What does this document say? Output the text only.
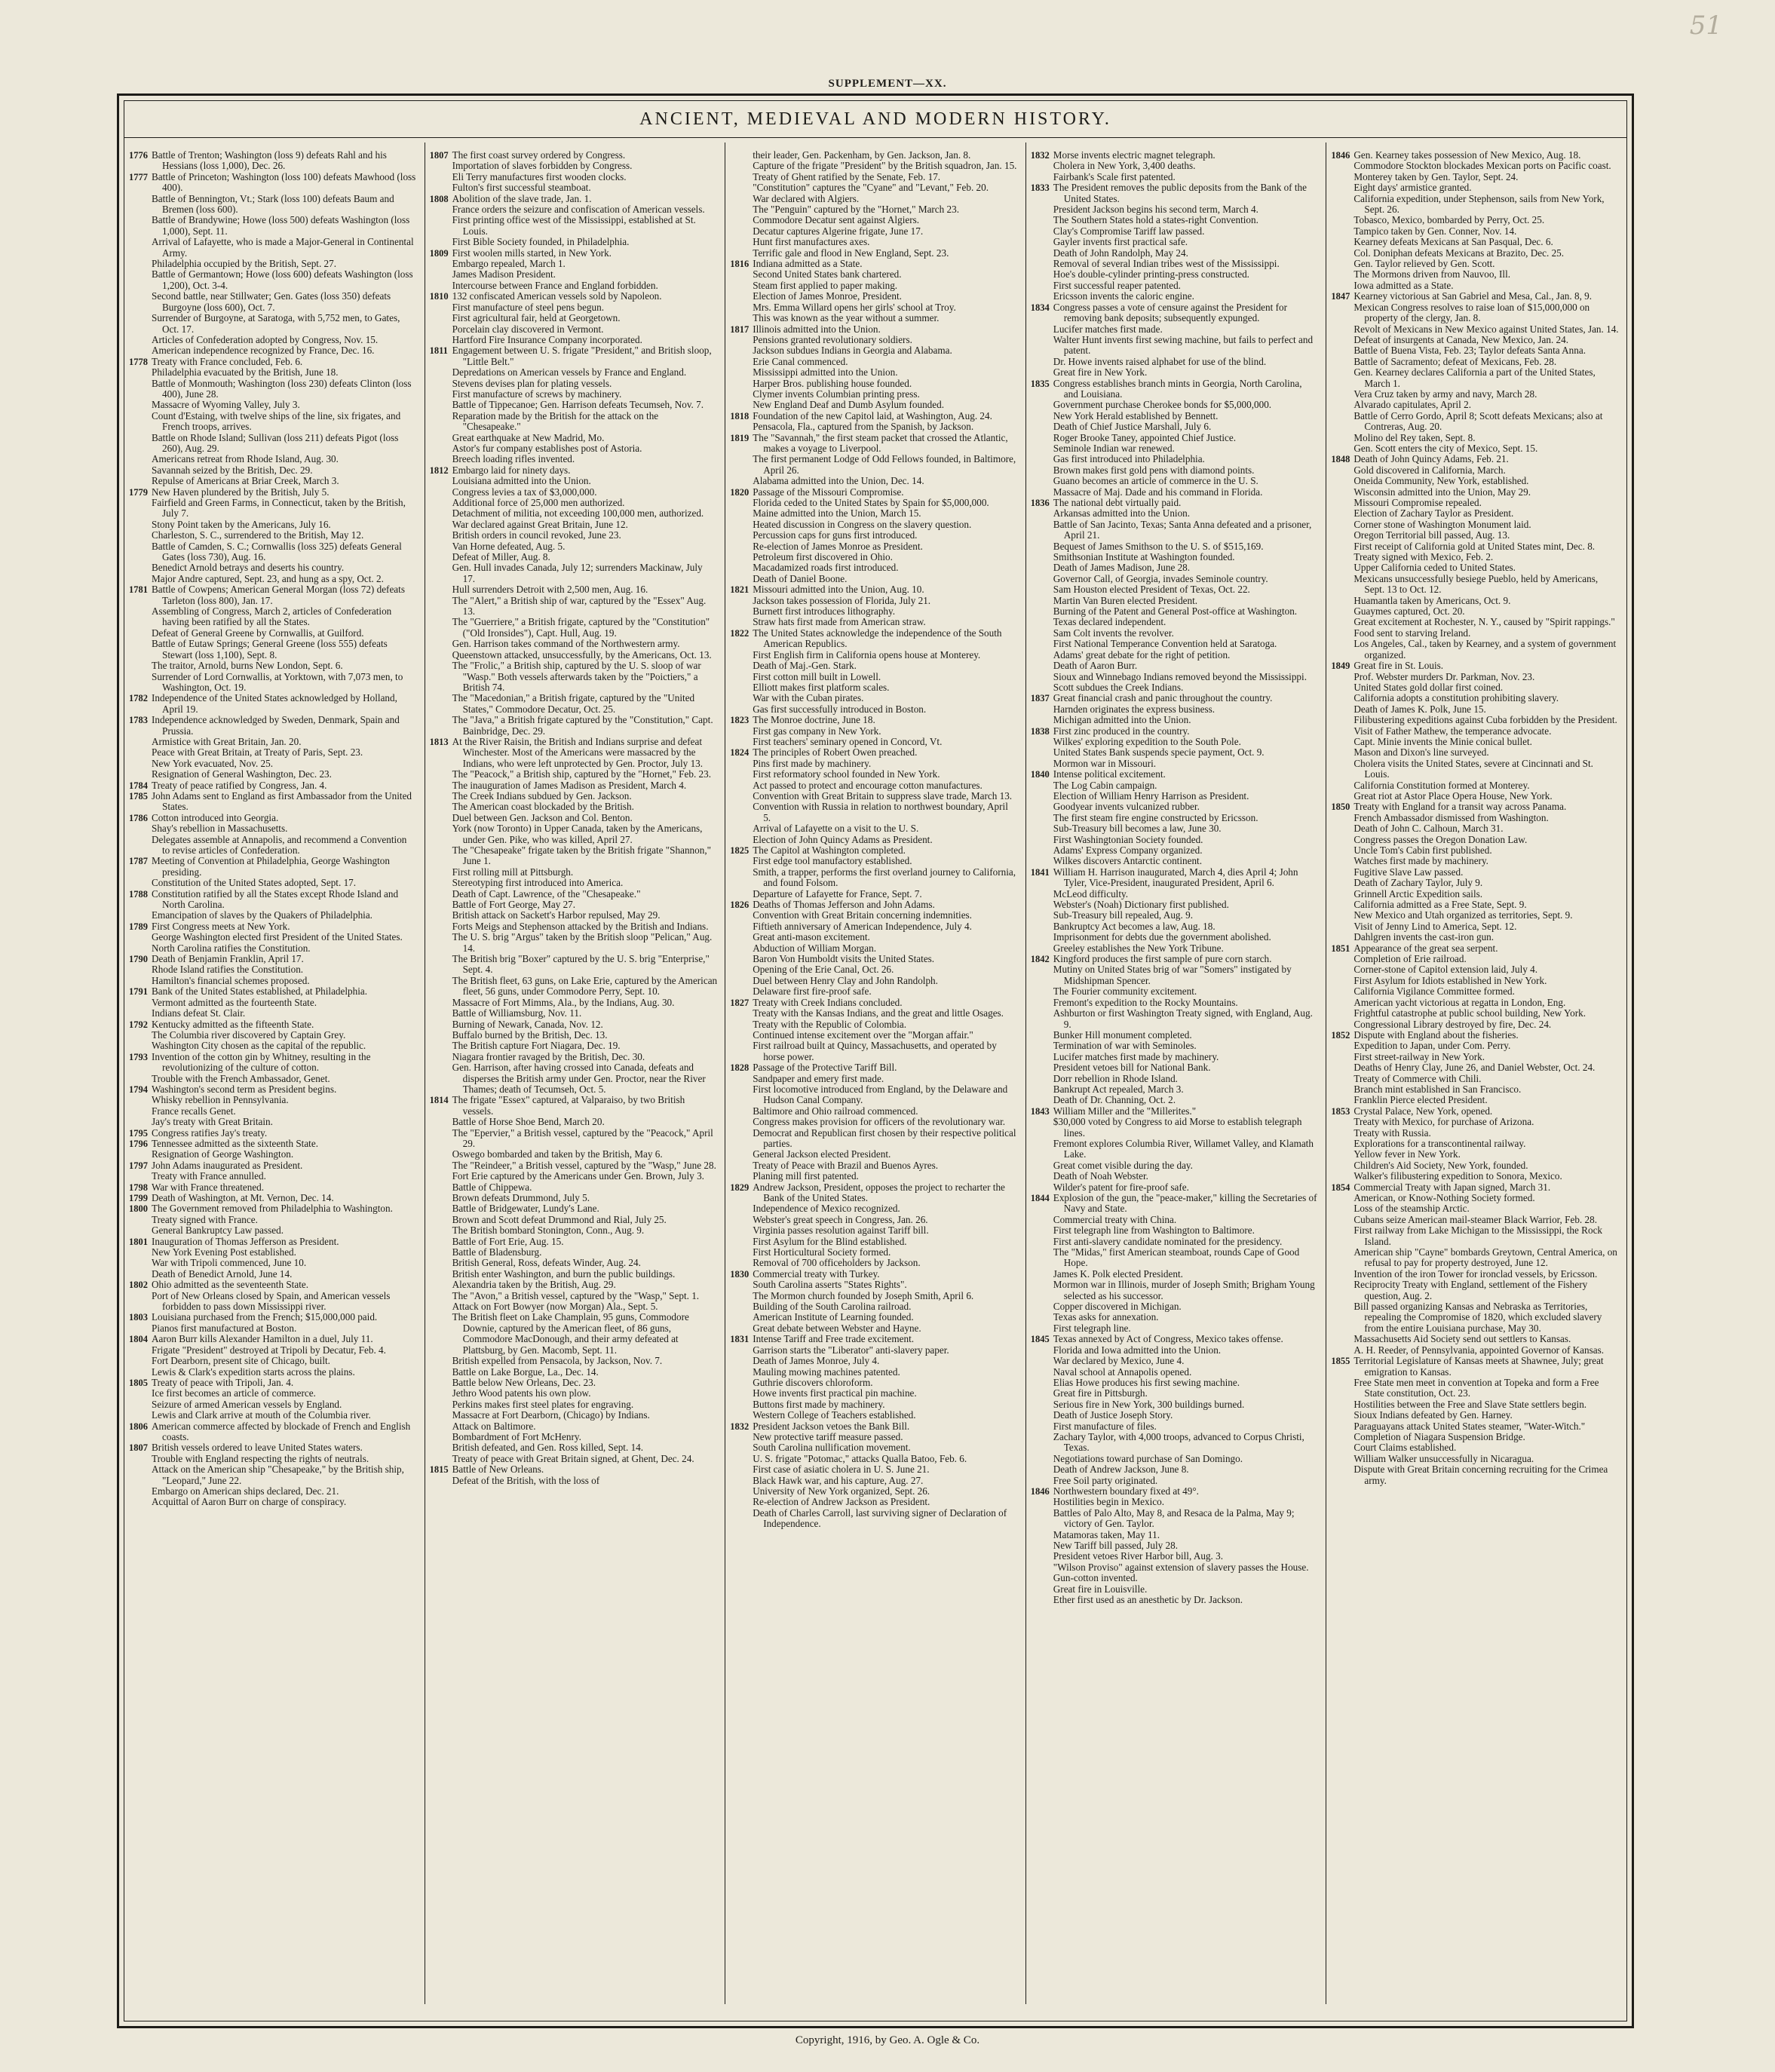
51
SUPPLEMENT—XX.
ANCIENT, MEDIEVAL AND MODERN HISTORY.
1776 Battle of Trenton; Washington (loss 9) defeats Rahl and his Hessians (loss 1,000), Dec. 26.
1777 Battle of Princeton; Washington (loss 100) defeats Mawhood (loss 400).
Battle of Bennington, Vt.; Stark (loss 100) defeats Baum and Bremen (loss 600).
Battle of Brandywine; Howe (loss 500) defeats Washington (loss 1,000), Sept. 11.
Arrival of Lafayette, who is made a Major-General in Continental Army.
Philadelphia occupied by the British, Sept. 27.
Battle of Germantown; Howe (loss 600) defeats Washington (loss 1,200), Oct. 3-4.
Second battle, near Stillwater; Gen. Gates (loss 350) defeats Burgoyne (loss 600), Oct. 7.
Surrender of Burgoyne, at Saratoga, with 5,752 men, to Gates, Oct. 17.
Articles of Confederation adopted by Congress, Nov. 15.
American independence recognized by France, Dec. 16.
1778 Treaty with France concluded, Feb. 6.
Philadelphia evacuated by the British, June 18.
Battle of Monmouth; Washington (loss 230) defeats Clinton (loss 400), June 28.
Massacre of Wyoming Valley, July 3.
Count d'Estaing, with twelve ships of the line, six frigates, and French troops, arrives.
Battle on Rhode Island; Sullivan (loss 211) defeats Pigot (loss 260), Aug. 29.
Americans retreat from Rhode Island, Aug. 30.
Savannah seized by the British, Dec. 29.
Repulse of Americans at Briar Creek, March 3.
1779 New Haven plundered by the British, July 5.
Fairfield and Green Farms, in Connecticut, taken by the British, July 7.
Stony Point taken by the Americans, July 16.
Charleston, S. C., surrendered to the British, May 12.
Battle of Camden, S. C.; Cornwallis (loss 325) defeats General Gates (loss 730), Aug. 16.
Benedict Arnold betrays and deserts his country.
Major Andre captured, Sept. 23, and hung as a spy, Oct. 2.
1781 Battle of Cowpens; American General Morgan (loss 72) defeats Tarleton (loss 800), Jan. 17.
Assembling of Congress, March 2, articles of Confederation having been ratified by all the States.
Defeat of General Greene by Cornwallis, at Guilford.
Battle of Eutaw Springs; General Greene (loss 555) defeats Stewart (loss 1,100), Sept. 8.
The traitor, Arnold, burns New London, Sept. 6.
Surrender of Lord Cornwallis, at Yorktown, with 7,073 men, to Washington, Oct. 19.
1782 Independence of the United States acknowledged by Holland, April 19.
1783 Independence acknowledged by Sweden, Denmark, Spain and Prussia.
Armistice with Great Britain, Jan. 20.
Peace with Great Britain, at Treaty of Paris, Sept. 23.
New York evacuated, Nov. 25.
Resignation of General Washington, Dec. 23.
1784 Treaty of peace ratified by Congress, Jan. 4.
1785 John Adams sent to England as first Ambassador from the United States.
1786 Cotton introduced into Georgia.
Shay's rebellion in Massachusetts.
Delegates assemble at Annapolis, and recommend a Convention to revise articles of Confederation.
1787 Meeting of Convention at Philadelphia, George Washington presiding.
Constitution of the United States adopted, Sept. 17.
1788 Constitution ratified by all the States except Rhode Island and North Carolina.
Emancipation of slaves by the Quakers of Philadelphia.
1789 First Congress meets at New York.
George Washington elected first President of the United States.
North Carolina ratifies the Constitution.
1790 Death of Benjamin Franklin, April 17.
Rhode Island ratifies the Constitution.
Hamilton's financial schemes proposed.
1791 Bank of the United States established, at Philadelphia.
Vermont admitted as the fourteenth State.
Indians defeat St. Clair.
1792 Kentucky admitted as the fifteenth State.
The Columbia river discovered by Captain Grey.
Washington City chosen as the capital of the republic.
1793 Invention of the cotton gin by Whitney, resulting in the revolutionizing of the culture of cotton.
Trouble with the French Ambassador, Genet.
1794 Washington's second term as President begins.
Whisky rebellion in Pennsylvania.
France recalls Genet.
Jay's treaty with Great Britain.
1795 Congress ratifies Jay's treaty.
1796 Tennessee admitted as the sixteenth State.
Resignation of George Washington.
1797 John Adams inaugurated as President.
Treaty with France annulled.
1798 War with France threatened.
1799 Death of Washington, at Mt. Vernon, Dec. 14.
1800 The Government removed from Philadelphia to Washington.
Treaty signed with France.
General Bankruptcy Law passed.
1801 Inauguration of Thomas Jefferson as President.
New York Evening Post established.
War with Tripoli commenced, June 10.
Death of Benedict Arnold, June 14.
1802 Ohio admitted as the seventeenth State.
Port of New Orleans closed by Spain, and American vessels forbidden to pass down Mississippi river.
1803 Louisiana purchased from the French; $15,000,000 paid.
Pianos first manufactured at Boston.
1804 Aaron Burr kills Alexander Hamilton in a duel, July 11.
Frigate "President" destroyed at Tripoli by Decatur, Feb. 4.
Fort Dearborn, present site of Chicago, built.
Lewis & Clark's expedition starts across the plains.
1805 Treaty of peace with Tripoli, Jan. 4.
Ice first becomes an article of commerce.
Seizure of armed American vessels by England.
Lewis and Clark arrive at mouth of the Columbia river.
1806 American commerce affected by blockade of French and English coasts.
1807 British vessels ordered to leave United States waters.
Trouble with England respecting the rights of neutrals.
Attack on the American ship "Chesapeake," by the British ship, "Leopard," June 22.
Embargo on American ships declared, Dec. 21.
Acquittal of Aaron Burr on charge of conspiracy.
1807 The first coast survey ordered by Congress.
Importation of slaves forbidden by Congress.
Eli Terry manufactures first wooden clocks.
Fulton's first successful steamboat.
1808 Abolition of the slave trade, Jan. 1.
France orders the seizure and confiscation of American vessels.
First printing office west of the Mississippi, established at St. Louis.
First Bible Society founded, in Philadelphia.
1809 First woolen mills started, in New York.
Embargo repealed, March 1.
James Madison President.
Intercourse between France and England forbidden.
1810 132 confiscated American vessels sold by Napoleon.
First manufacture of steel pens begun.
First agricultural fair, held at Georgetown.
Porcelain clay discovered in Vermont.
Hartford Fire Insurance Company incorporated.
1811 Engagement between U. S. frigate "President," and British sloop, "Little Belt."
Depredations on American vessels by France and England.
Stevens devises plan for plating vessels.
First manufacture of screws by machinery.
Battle of Tippecanoe; Gen. Harrison defeats Tecumseh, Nov. 7.
Reparation made by the British for the attack on the "Chesapeake."
Great earthquake at New Madrid, Mo.
Astor's fur company establishes post of Astoria.
Breech loading rifles invented.
1812 Embargo laid for ninety days.
Louisiana admitted into the Union.
Congress levies a tax of $3,000,000.
Additional force of 25,000 men authorized.
Detachment of militia, not exceeding 100,000 men, authorized.
War declared against Great Britain, June 12.
British orders in council revoked, June 23.
Van Horne defeated, Aug. 5.
Defeat of Miller, Aug. 8.
Gen. Hull invades Canada, July 12; surrenders Mackinaw, July 17.
Hull surrenders Detroit with 2,500 men, Aug. 16.
The "Alert," a British ship of war, captured by the "Essex" Aug. 13.
The "Guerriere," a British frigate, captured by the "Constitution" ("Old Ironsides"), Capt. Hull, Aug. 19.
Gen. Harrison takes command of the Northwestern army.
Queenstown attacked, unsuccessfully, by the Americans, Oct. 13.
The "Frolic," a British ship, captured by the U. S. sloop of war "Wasp." Both vessels afterwards taken by the "Poictiers," a British 74.
The "Macedonian," a British frigate, captured by the "United States," Commodore Decatur, Oct. 25.
The "Java," a British frigate captured by the "Constitution," Capt. Bainbridge, Dec. 29.
1813 At the River Raisin, the British and Indians surprise and defeat Winchester. Most of the Americans were massacred by the Indians, who were left unprotected by Gen. Proctor, July 13.
The "Peacock," a British ship, captured by the "Hornet," Feb. 23.
The inauguration of James Madison as President, March 4.
The Creek Indians subdued by Gen. Jackson.
The American coast blockaded by the British.
Duel between Gen. Jackson and Col. Benton.
York (now Toronto) in Upper Canada, taken by the Americans, under Gen. Pike, who was killed, April 27.
The "Chesapeake" frigate taken by the British frigate "Shannon," June 1.
First rolling mill at Pittsburgh.
Stereotyping first introduced into America.
Death of Capt. Lawrence, of the "Chesapeake."
Battle of Fort George, May 27.
British attack on Sackett's Harbor repulsed, May 29.
Forts Meigs and Stephenson attacked by the British and Indians.
The U. S. brig "Argus" taken by the British sloop "Pelican," Aug. 14.
The British brig "Boxer" captured by the U. S. brig "Enterprise," Sept. 4.
The British fleet, 63 guns, on Lake Erie, captured by the American fleet, 56 guns, under Commodore Perry, Sept. 10.
Massacre of Fort Mimms, Ala., by the Indians, Aug. 30.
Battle of Williamsburg, Nov. 11.
Burning of Newark, Canada, Nov. 12.
Buffalo burned by the British, Dec. 13.
The British capture Fort Niagara, Dec. 19.
Niagara frontier ravaged by the British, Dec. 30.
Gen. Harrison, after having crossed into Canada, defeats and disperses the British army under Gen. Proctor, near the River Thames; death of Tecumseh, Oct. 5.
1814 The frigate "Essex" captured, at Valparaiso, by two British vessels.
Battle of Horse Shoe Bend, March 20.
The "Epervier," a British vessel, captured by the "Peacock," April 29.
Oswego bombarded and taken by the British, May 6.
The "Reindeer," a British vessel, captured by the "Wasp," June 28.
Fort Erie captured by the Americans under Gen. Brown, July 3.
Battle of Chippewa.
Brown defeats Drummond, July 5.
Battle of Bridgewater, Lundy's Lane.
Brown and Scott defeat Drummond and Rial, July 25.
The British bombard Stonington, Conn., Aug. 9.
Battle of Fort Erie, Aug. 15.
Battle of Bladensburg.
British General, Ross, defeats Winder, Aug. 24.
British enter Washington, and burn the public buildings.
Alexandria taken by the British, Aug. 29.
The "Avon," a British vessel, captured by the "Wasp," Sept. 1.
Attack on Fort Bowyer (now Morgan) Ala., Sept. 5.
The British fleet on Lake Champlain, 95 guns, Commodore Downie, captured by the American fleet, of 86 guns, Commodore MacDonough, and their army defeated at Plattsburg, by Gen. Macomb, Sept. 11.
British expelled from Pensacola, by Jackson, Nov. 7.
Battle on Lake Borgue, La., Dec. 14.
Battle below New Orleans, Dec. 23.
Jethro Wood patents his own plow.
Perkins makes first steel plates for engraving.
Massacre at Fort Dearborn, (Chicago) by Indians.
Attack on Baltimore.
Bombardment of Fort McHenry.
British defeated, and Gen. Ross killed, Sept. 14.
Treaty of peace with Great Britain signed, at Ghent, Dec. 24.
1815 Battle of New Orleans.
Defeat of the British, with the loss of
their leader, Gen. Packenham, by Gen. Jackson, Jan. 8.
Capture of the frigate "President" by the British squadron, Jan. 15.
Treaty of Ghent ratified by the Senate, Feb. 17.
"Constitution" captures the "Cyane" and "Levant," Feb. 20.
War declared with Algiers.
The "Penguin" captured by the "Hornet," March 23.
Commodore Decatur sent against Algiers.
Decatur captures Algerine frigate, June 17.
Hunt first manufactures axes.
Terrific gale and flood in New England, Sept. 23.
1816 Indiana admitted as a State.
Second United States bank chartered.
Steam first applied to paper making.
Election of James Monroe, President.
Mrs. Emma Willard opens her girls' school at Troy.
This was known as the year without a summer.
1817 Illinois admitted into the Union.
Pensions granted revolutionary soldiers.
Jackson subdues Indians in Georgia and Alabama.
Erie Canal commenced.
Mississippi admitted into the Union.
Harper Bros. publishing house founded.
Clymer invents Columbian printing press.
New England Deaf and Dumb Asylum founded.
1818 Foundation of the new Capitol laid, at Washington, Aug. 24.
Pensacola, Fla., captured from the Spanish, by Jackson.
1819 The "Savannah," the first steam packet that crossed the Atlantic, makes a voyage to Liverpool.
The first permanent Lodge of Odd Fellows founded, in Baltimore, April 26.
Alabama admitted into the Union, Dec. 14.
1820 Passage of the Missouri Compromise.
Florida ceded to the United States by Spain for $5,000,000.
Maine admitted into the Union, March 15.
Heated discussion in Congress on the slavery question.
Percussion caps for guns first introduced.
Re-election of James Monroe as President.
Petroleum first discovered in Ohio.
Macadamized roads first introduced.
Death of Daniel Boone.
1821 Missouri admitted into the Union, Aug. 10.
Jackson takes possession of Florida, July 21.
Burnett first introduces lithography.
Straw hats first made from American straw.
1822 The United States acknowledge the independence of the South American Republics.
First English firm in California opens house at Monterey.
Death of Maj.-Gen. Stark.
First cotton mill built in Lowell.
Elliott makes first platform scales.
War with the Cuban pirates.
Gas first successfully introduced in Boston.
1823 The Monroe doctrine, June 18.
First gas company in New York.
First teachers' seminary opened in Concord, Vt.
1824 The principles of Robert Owen preached.
Pins first made by machinery.
First reformatory school founded in New York.
Act passed to protect and encourage cotton manufactures.
Convention with Great Britain to suppress slave trade, March 13.
Convention with Russia in relation to northwest boundary, April 5.
Arrival of Lafayette on a visit to the U. S.
Election of John Quincy Adams as President.
1825 The Capitol at Washington completed.
First edge tool manufactory established.
Smith, a trapper, performs the first overland journey to California, and found Folsom.
Departure of Lafayette for France, Sept. 7.
1826 Deaths of Thomas Jefferson and John Adams.
Convention with Great Britain concerning indemnities.
Fiftieth anniversary of American Independence, July 4.
Great anti-mason excitement.
Abduction of William Morgan.
Baron Von Humboldt visits the United States.
Opening of the Erie Canal, Oct. 26.
Duel between Henry Clay and John Randolph.
Delaware first fire-proof safe.
1827 Treaty with Creek Indians concluded.
Treaty with the Kansas Indians, and the great and little Osages.
Treaty with the Republic of Colombia.
Continued intense excitement over the "Morgan affair."
First railroad built at Quincy, Massachusetts, and operated by horse power.
1828 Passage of the Protective Tariff Bill.
Sandpaper and emery first made.
First locomotive introduced from England, by the Delaware and Hudson Canal Company.
Baltimore and Ohio railroad commenced.
Congress makes provision for officers of the revolutionary war.
Democrat and Republican first chosen by their respective political parties.
General Jackson elected President.
Treaty of Peace with Brazil and Buenos Ayres.
Planing mill first patented.
1829 Andrew Jackson, President, opposes the project to recharter the Bank of the United States.
Independence of Mexico recognized.
Webster's great speech in Congress, Jan. 26.
Virginia passes resolution against Tariff bill.
First Asylum for the Blind established.
First Horticultural Society formed.
Removal of 700 officeholders by Jackson.
1830 Commercial treaty with Turkey.
South Carolina asserts "States Rights".
The Mormon church founded by Joseph Smith, April 6.
Building of the South Carolina railroad.
American Institute of Learning founded.
Great debate between Webster and Hayne.
1831 Intense Tariff and Free trade excitement.
Garrison starts the "Liberator" anti-slavery paper.
Death of James Monroe, July 4.
Mauling mowing machines patented.
Guthrie discovers chloroform.
Howe invents first practical pin machine.
Buttons first made by machinery.
Western College of Teachers established.
1832 President Jackson vetoes the Bank Bill.
New protective tariff measure passed.
South Carolina nullification movement.
U. S. frigate "Potomac," attacks Qualla Batoo, Feb. 6.
First case of asiatic cholera in U. S. June 21.
Black Hawk war, and his capture, Aug. 27.
University of New York organized, Sept. 26.
Re-election of Andrew Jackson as President.
Death of Charles Carroll, last surviving signer of Declaration of Independence.
1832 Morse invents electric magnet telegraph.
Cholera in New York, 3,400 deaths.
Fairbank's Scale first patented.
1833 The President removes the public deposits from the Bank of the United States.
President Jackson begins his second term, March 4.
The Southern States hold a states-right Convention.
Clay's Compromise Tariff law passed.
Gayler invents first practical safe.
Death of John Randolph, May 24.
Removal of several Indian tribes west of the Mississippi.
Hoe's double-cylinder printing-press constructed.
First successful reaper patented.
Ericsson invents the caloric engine.
1834 Congress passes a vote of censure against the President for removing bank deposits; subsequently expunged.
Lucifer matches first made.
Walter Hunt invents first sewing machine, but fails to perfect and patent.
Dr. Howe invents raised alphabet for use of the blind.
Great fire in New York.
1835 Congress establishes branch mints in Georgia, North Carolina, and Louisiana.
Government purchase Cherokee bonds for $5,000,000.
New York Herald established by Bennett.
Death of Chief Justice Marshall, July 6.
Roger Brooke Taney, appointed Chief Justice.
Seminole Indian war renewed.
Gas first introduced into Philadelphia.
Brown makes first gold pens with diamond points.
Guano becomes an article of commerce in the U. S.
Massacre of Maj. Dade and his command in Florida.
1836 The national debt virtually paid.
Arkansas admitted into the Union.
Battle of San Jacinto, Texas; Santa Anna defeated and a prisoner, April 21.
Bequest of James Smithson to the U. S. of $515,169.
Smithsonian Institute at Washington founded.
Death of James Madison, June 28.
Governor Call, of Georgia, invades Seminole country.
Sam Houston elected President of Texas, Oct. 22.
Martin Van Buren elected President.
Burning of the Patent and General Post-office at Washington.
Texas declared independent.
Sam Colt invents the revolver.
First National Temperance Convention held at Saratoga.
Adams' great debate for the right of petition.
Death of Aaron Burr.
Sioux and Winnebago Indians removed beyond the Mississippi.
Scott subdues the Creek Indians.
1837 Great financial crash and panic throughout the country.
Harnden originates the express business.
Michigan admitted into the Union.
1838 First zinc produced in the country.
Wilkes' exploring expedition to the South Pole.
United States Bank suspends specie payment, Oct. 9.
Mormon war in Missouri.
1840 Intense political excitement.
The Log Cabin campaign.
Election of William Henry Harrison as President.
Goodyear invents vulcanized rubber.
The first steam fire engine constructed by Ericsson.
Sub-Treasury bill becomes a law, June 30.
First Washingtonian Society founded.
Adams' Express Company organized.
Wilkes discovers Antarctic continent.
1841 William H. Harrison inaugurated, March 4, dies April 4; John Tyler, Vice-President, inaugurated President, April 6.
McLeod difficulty.
Webster's (Noah) Dictionary first published.
Sub-Treasury bill repealed, Aug. 9.
Bankruptcy Act becomes a law, Aug. 18.
Imprisonment for debts due the government abolished.
Greeley establishes the New York Tribune.
1842 Kingford produces the first sample of pure corn starch.
Mutiny on United States brig of war "Somers" instigated by Midshipman Spencer.
The Fourier community excitement.
Fremont's expedition to the Rocky Mountains.
Ashburton or first Washington Treaty signed, with England, Aug. 9.
Bunker Hill monument completed.
Termination of war with Seminoles.
Lucifer matches first made by machinery.
President vetoes bill for National Bank.
Dorr rebellion in Rhode Island.
Bankrupt Act repealed, March 3.
Death of Dr. Channing, Oct. 2.
1843 William Miller and the "Millerites."
$30,000 voted by Congress to aid Morse to establish telegraph lines.
Fremont explores Columbia River, Willamet Valley, and Klamath Lake.
Great comet visible during the day.
Death of Noah Webster.
Wilder's patent for fire-proof safe.
1844 Explosion of the gun, the "peace-maker," killing the Secretaries of Navy and State.
Commercial treaty with China.
First telegraph line from Washington to Baltimore.
First anti-slavery candidate nominated for the presidency.
The "Midas," first American steamboat, rounds Cape of Good Hope.
James K. Polk elected President.
Mormon war in Illinois, murder of Joseph Smith; Brigham Young selected as his successor.
Copper discovered in Michigan.
Texas asks for annexation.
First telegraph line.
1845 Texas annexed by Act of Congress, Mexico takes offense.
Florida and Iowa admitted into the Union.
War declared by Mexico, June 4.
Naval school at Annapolis opened.
Elias Howe produces his first sewing machine.
Great fire in Pittsburgh.
Serious fire in New York, 300 buildings burned.
Death of Justice Joseph Story.
First manufacture of files.
Zachary Taylor, with 4,000 troops, advanced to Corpus Christi, Texas.
Negotiations toward purchase of San Domingo.
Death of Andrew Jackson, June 8.
Free Soil party originated.
1846 Northwestern boundary fixed at 49°.
Hostilities begin in Mexico.
Battles of Palo Alto, May 8, and Resaca de la Palma, May 9; victory of Gen. Taylor.
Matamoras taken, May 11.
New Tariff bill passed, July 28.
President vetoes River Harbor bill, Aug. 3.
"Wilson Proviso" against extension of slavery passes the House.
Gun-cotton invented.
Great fire in Louisville.
Ether first used as an anesthetic by Dr. Jackson.
1846 Gen. Kearney takes possession of New Mexico, Aug. 18.
Commodore Stockton blockades Mexican ports on Pacific coast.
Monterey taken by Gen. Taylor, Sept. 24.
Eight days' armistice granted.
California expedition, under Stephenson, sails from New York, Sept. 26.
Tobasco, Mexico, bombarded by Perry, Oct. 25.
Tampico taken by Gen. Conner, Nov. 14.
Kearney defeats Mexicans at San Pasqual, Dec. 6.
Col. Doniphan defeats Mexicans at Brazito, Dec. 25.
Gen. Taylor relieved by Gen. Scott.
The Mormons driven from Nauvoo, Ill.
Iowa admitted as a State.
1847 Kearney victorious at San Gabriel and Mesa, Cal., Jan. 8, 9.
Mexican Congress resolves to raise loan of $15,000,000 on property of the clergy, Jan. 8.
Revolt of Mexicans in New Mexico against United States, Jan. 14.
Defeat of insurgents at Canada, New Mexico, Jan. 24.
Battle of Buena Vista, Feb. 23; Taylor defeats Santa Anna.
Battle of Sacramento; defeat of Mexicans, Feb. 28.
Gen. Kearney declares California a part of the United States, March 1.
Vera Cruz taken by army and navy, March 28.
Alvarado capitulates, April 2.
Battle of Cerro Gordo, April 8; Scott defeats Mexicans; also at Contreras, Aug. 20.
Molino del Rey taken, Sept. 8.
Gen. Scott enters the city of Mexico, Sept. 15.
1848 Death of John Quincy Adams, Feb. 21.
Gold discovered in California, March.
Oneida Community, New York, established.
Wisconsin admitted into the Union, May 29.
Missouri Compromise repealed.
Election of Zachary Taylor as President.
Corner stone of Washington Monument laid.
Oregon Territorial bill passed, Aug. 13.
First receipt of California gold at United States mint, Dec. 8.
Treaty signed with Mexico, Feb. 2.
Upper California ceded to United States.
Mexicans unsuccessfully besiege Pueblo, held by Americans, Sept. 13 to Oct. 12.
Huamantla taken by Americans, Oct. 9.
Guaymes captured, Oct. 20.
Great excitement at Rochester, N. Y., caused by "Spirit rappings."
Food sent to starving Ireland.
Los Angeles, Cal., taken by Kearney, and a system of government organized.
1849 Great fire in St. Louis.
Prof. Webster murders Dr. Parkman, Nov. 23.
United States gold dollar first coined.
California adopts a constitution prohibiting slavery.
Death of James K. Polk, June 15.
Filibustering expeditions against Cuba forbidden by the President.
Visit of Father Mathew, the temperance advocate.
Capt. Minie invents the Minie conical bullet.
Mason and Dixon's line surveyed.
Cholera visits the United States, severe at Cincinnati and St. Louis.
California Constitution formed at Monterey.
Great riot at Astor Place Opera House, New York.
1850 Treaty with England for a transit way across Panama.
French Ambassador dismissed from Washington.
Death of John C. Calhoun, March 31.
Congress passes the Oregon Donation Law.
Uncle Tom's Cabin first published.
Watches first made by machinery.
Fugitive Slave Law passed.
Death of Zachary Taylor, July 9.
Grinnell Arctic Expedition sails.
California admitted as a Free State, Sept. 9.
New Mexico and Utah organized as territories, Sept. 9.
Visit of Jenny Lind to America, Sept. 12.
Dahlgren invents the cast-iron gun.
1851 Appearance of the great sea serpent.
Completion of Erie railroad.
Corner-stone of Capitol extension laid, July 4.
First Asylum for Idiots established in New York.
California Vigilance Committee formed.
American yacht victorious at regatta in London, Eng.
Frightful catastrophe at public school building, New York.
Congressional Library destroyed by fire, Dec. 24.
1852 Dispute with England about the fisheries.
Expedition to Japan, under Com. Perry.
First street-railway in New York.
Deaths of Henry Clay, June 26, and Daniel Webster, Oct. 24.
Treaty of Commerce with Chili.
Branch mint established in San Francisco.
Franklin Pierce elected President.
1853 Crystal Palace, New York, opened.
Treaty with Mexico, for purchase of Arizona.
Treaty with Russia.
Explorations for a transcontinental railway.
Yellow fever in New York.
Children's Aid Society, New York, founded.
Walker's filibustering expedition to Sonora, Mexico.
1854 Commercial Treaty with Japan signed, March 31.
American, or Know-Nothing Society formed.
Loss of the steamship Arctic.
Cubans seize American mail-steamer Black Warrior, Feb. 28.
First railway from Lake Michigan to the Mississippi, the Rock Island.
American ship "Cayne" bombards Greytown, Central America, on refusal to pay for property destroyed, June 12.
Invention of the iron Tower for ironclad vessels, by Ericsson.
Reciprocity Treaty with England, settlement of the Fishery question, Aug. 2.
Bill passed organizing Kansas and Nebraska as Territories, repealing the Compromise of 1820, which excluded slavery from the entire Louisiana purchase, May 30.
Massachusetts Aid Society send out settlers to Kansas.
A. H. Reeder, of Pennsylvania, appointed Governor of Kansas.
1855 Territorial Legislature of Kansas meets at Shawnee, July; great emigration to Kansas.
Free State men meet in convention at Topeka and form a Free State constitution, Oct. 23.
Hostilities between the Free and Slave State settlers begin.
Sioux Indians defeated by Gen. Harney.
Paraguayans attack United States steamer, "Water-Witch."
Completion of Niagara Suspension Bridge.
Court Claims established.
William Walker unsuccessfully in Nicaragua.
Dispute with Great Britain concerning recruiting for the Crimea army.
Copyright, 1916, by Geo. A. Ogle & Co.
